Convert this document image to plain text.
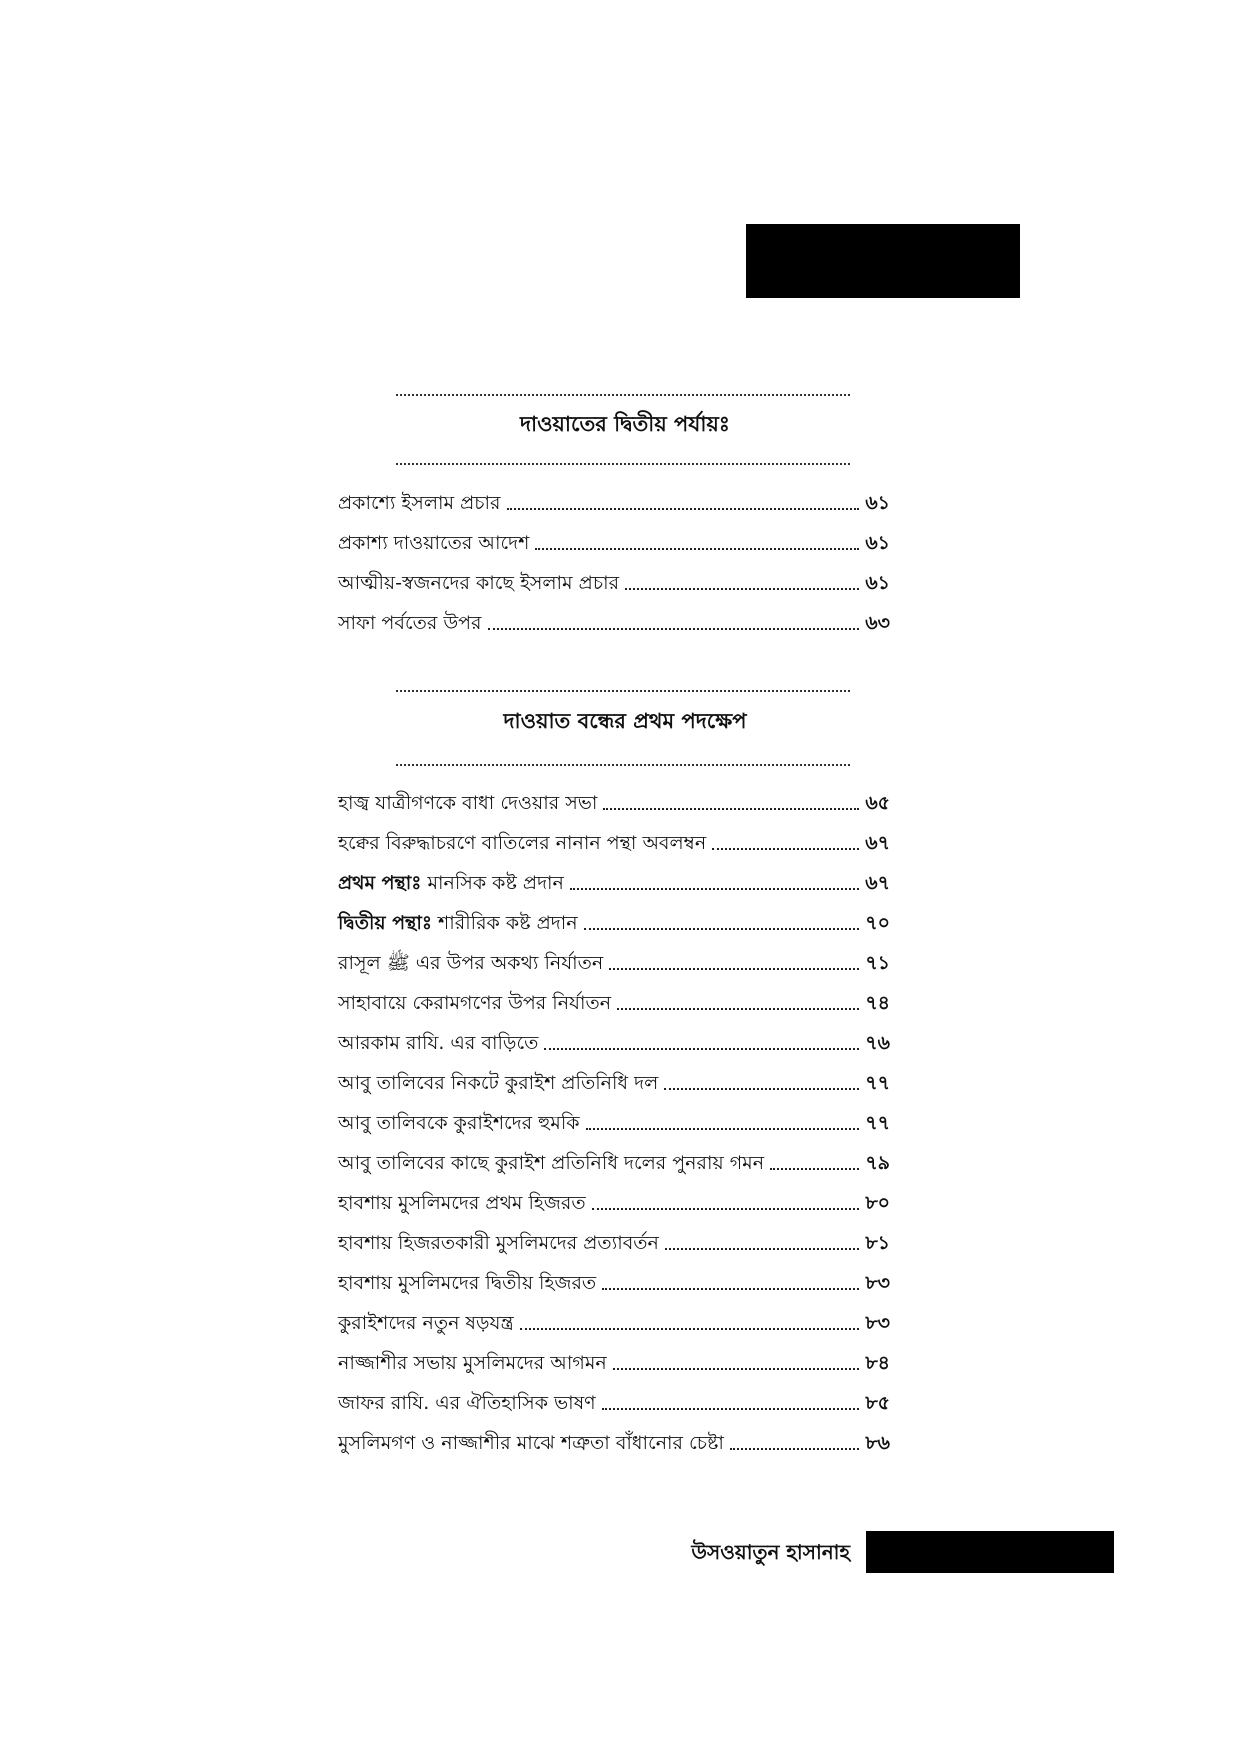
দাওয়াতের দ্বিতীয় পর্যায়ঃ
প্রকাশ্যে ইসলাম প্রচার	৬১
প্রকাশ্য দাওয়াতের আদেশ	৬১
আত্মীয়-স্বজনদের কাছে ইসলাম প্রচার	৬১
সাফা পর্বতের উপর	৬৩
দাওয়াত বন্ধের প্রথম পদক্ষেপ
হাজ্ব যাত্রীগণকে বাধা দেওয়ার সভা	৬৫
হক্বের বিরুদ্ধাচরণে বাতিলের নানান পন্থা অবলম্বন	৬৭
প্রথম পন্থাঃ মানসিক কষ্ট প্রদান	৬৭
দ্বিতীয় পন্থাঃ শারীরিক কষ্ট প্রদান	৭০
রাসূল ﷺ এর উপর অকথ্য নির্যাতন	৭১
সাহাবায়ে কেরামগণের উপর নির্যাতন	৭৪
আরকাম রাযি. এর বাড়িতে	৭৬
আবু তালিবের নিকটে কুরাইশ প্রতিনিধি দল	৭৭
আবু তালিবকে কুরাইশদের হুমকি	৭৭
আবু তালিবের কাছে কুরাইশ প্রতিনিধি দলের পুনরায় গমন	৭৯
হাবশায় মুসলিমদের প্রথম হিজরত	৮০
হাবশায় হিজরতকারী মুসলিমদের প্রত্যাবর্তন	৮১
হাবশায় মুসলিমদের দ্বিতীয় হিজরত	৮৩
কুরাইশদের নতুন ষড়যন্ত্র	৮৩
নাজ্জাশীর সভায় মুসলিমদের আগমন	৮৪
জাফর রাযি. এর ঐতিহাসিক ভাষণ	৮৫
মুসলিমগণ ও নাজ্জাশীর মাঝে শত্রুতা বাঁধানোর চেষ্টা	৮৬
উসওয়াতুন হাসানাহ
